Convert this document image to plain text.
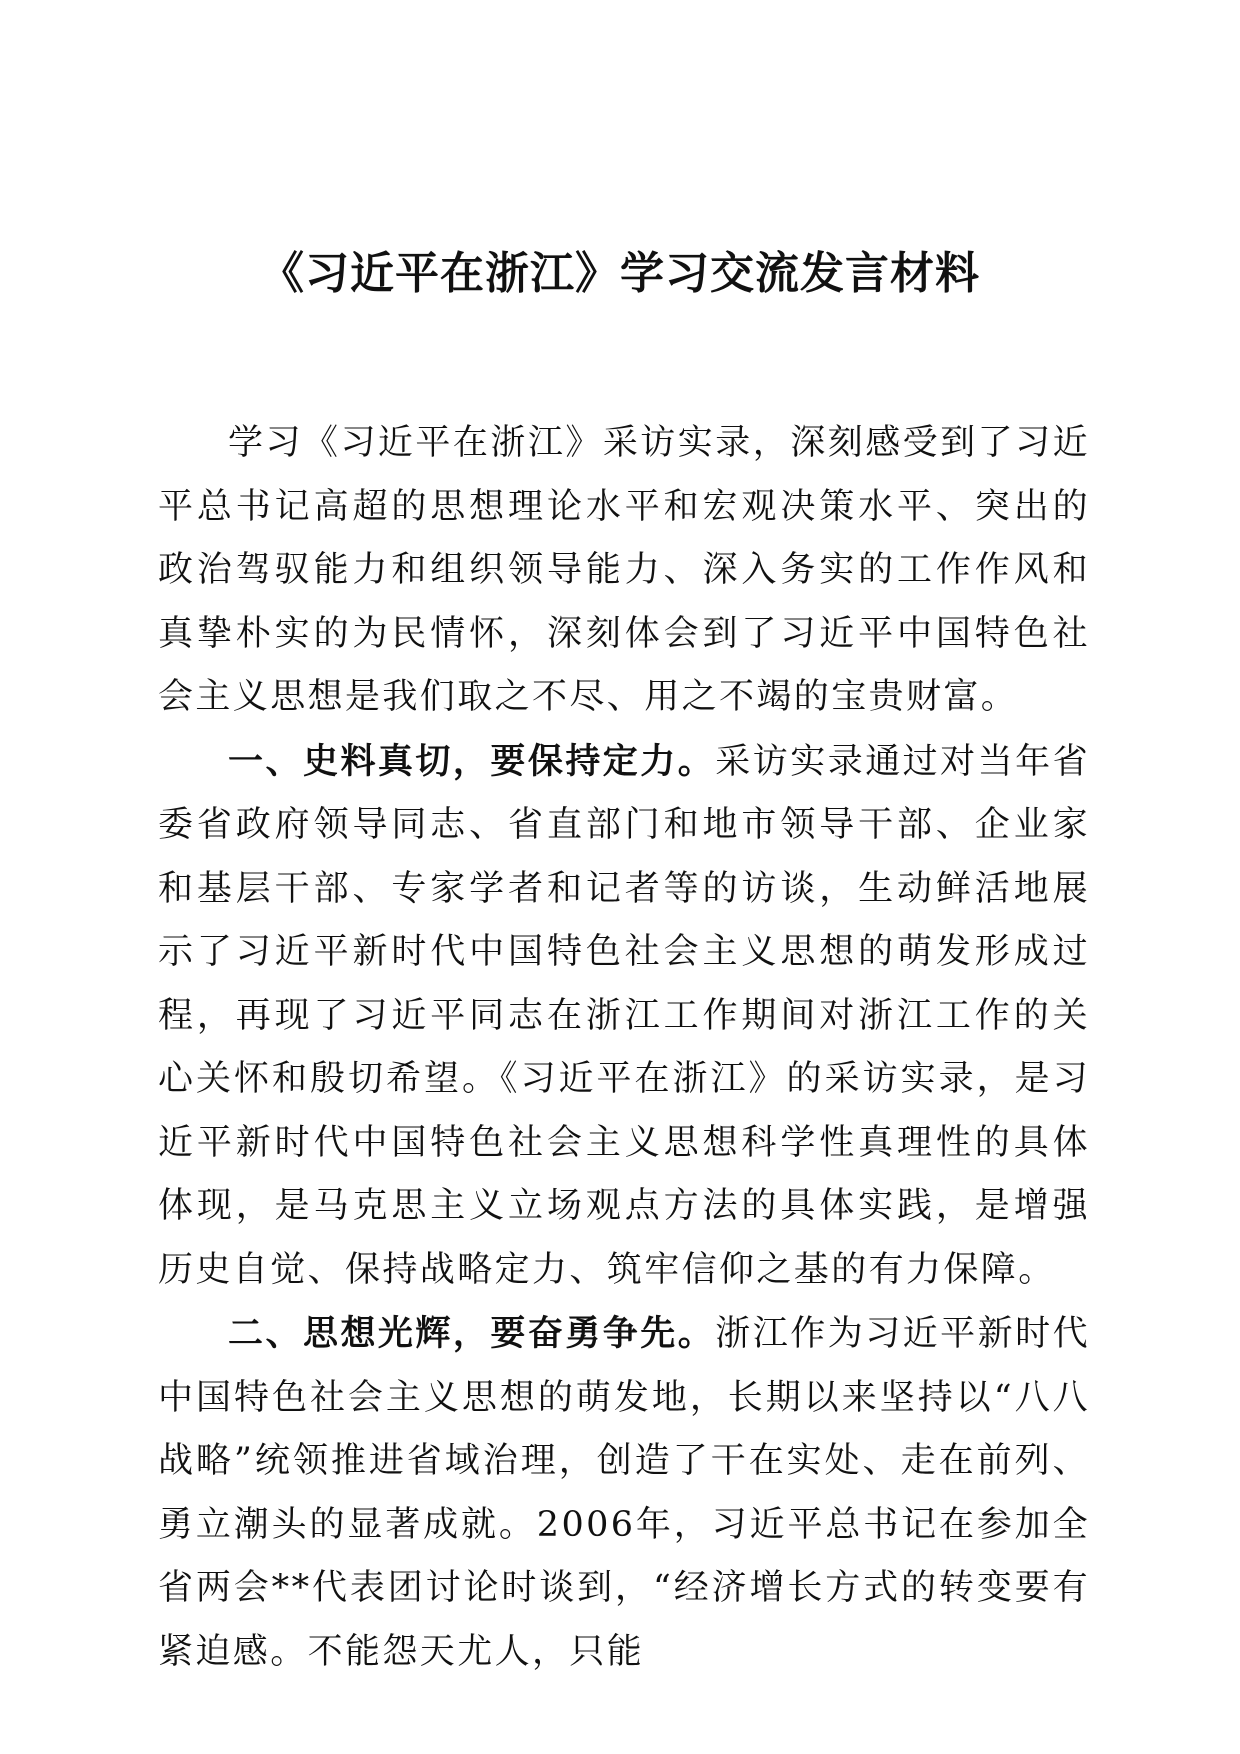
《习近平在浙江》学习交流发言材料

学习《习近平在浙江》采访实录，深刻感受到了习近平总书记高超的思想理论水平和宏观决策水平、突出的政治驾驭能力和组织领导能力、深入务实的工作作风和真挚朴实的为民情怀，深刻体会到了习近平中国特色社会主义思想是我们取之不尽、用之不竭的宝贵财富。

一、史料真切，要保持定力。采访实录通过对当年省委省政府领导同志、省直部门和地市领导干部、企业家和基层干部、专家学者和记者等的访谈，生动鲜活地展示了习近平新时代中国特色社会主义思想的萌发形成过程，再现了习近平同志在浙江工作期间对浙江工作的关心关怀和殷切希望。《习近平在浙江》的采访实录，是习近平新时代中国特色社会主义思想科学性真理性的具体体现，是马克思主义立场观点方法的具体实践，是增强历史自觉、保持战略定力、筑牢信仰之基的有力保障。

二、思想光辉，要奋勇争先。浙江作为习近平新时代中国特色社会主义思想的萌发地，长期以来坚持以“八八战略”统领推进省域治理，创造了干在实处、走在前列、勇立潮头的显著成就。2006年，习近平总书记在参加全省两会**代表团讨论时谈到，“经济增长方式的转变要有紧迫感。不能怨天尤人，只能
